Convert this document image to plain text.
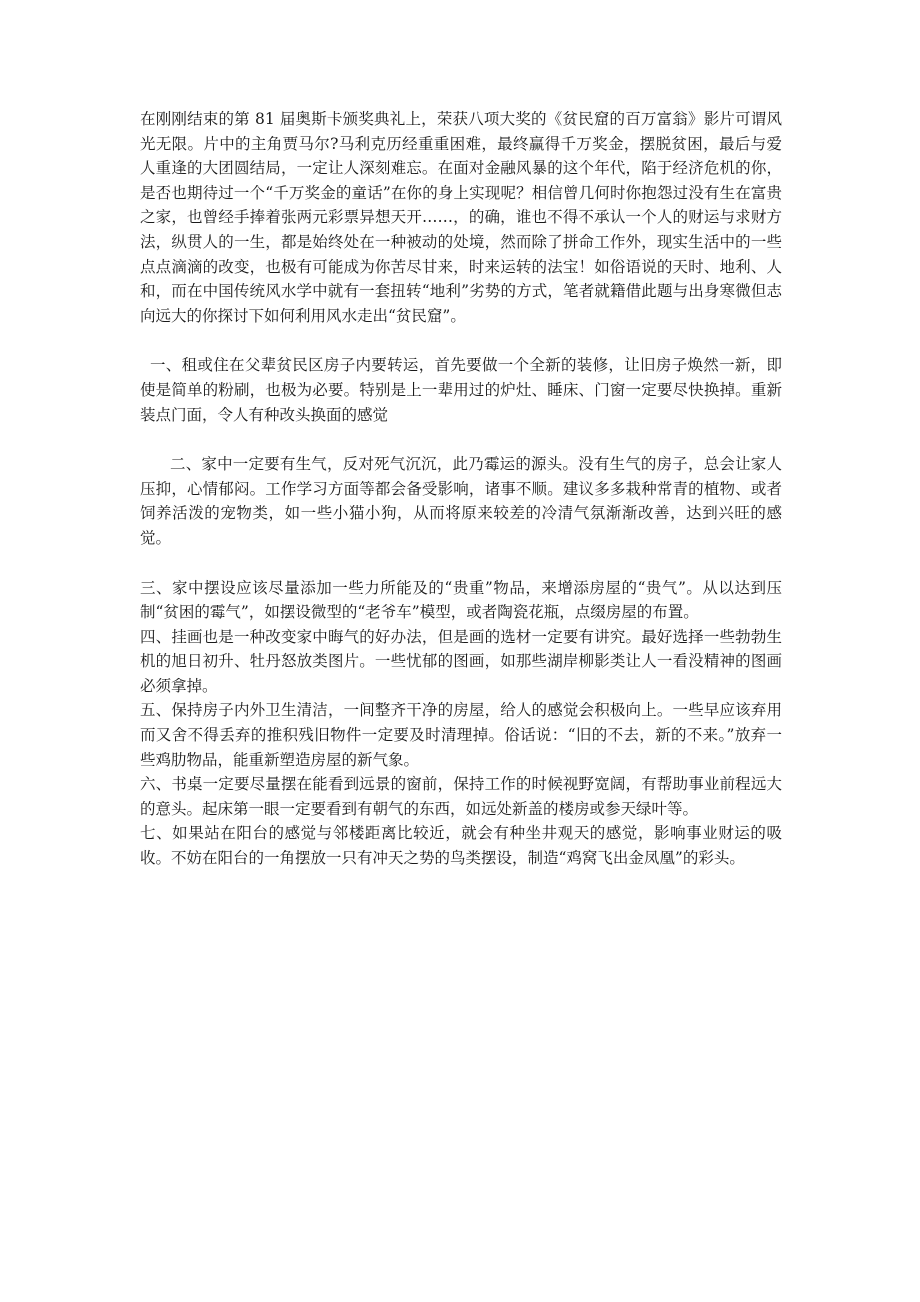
在刚刚结束的第 81 届奥斯卡颁奖典礼上，荣获八项大奖的《贫民窟的百万富翁》影片可谓风光无限。片中的主角贾马尔?马利克历经重重困难，最终赢得千万奖金，摆脱贫困，最后与爱人重逢的大团圆结局，一定让人深刻难忘。在面对金融风暴的这个年代，陷于经济危机的你，是否也期待过一个“千万奖金的童话”在你的身上实现呢？相信曾几何时你抱怨过没有生在富贵之家，也曾经手捧着张两元彩票异想天开……，的确，谁也不得不承认一个人的财运与求财方法，纵贯人的一生，都是始终处在一种被动的处境，然而除了拼命工作外，现实生活中的一些点点滴滴的改变，也极有可能成为你苦尽甘来，时来运转的法宝！如俗语说的天时、地利、人和，而在中国传统风水学中就有一套扭转“地利”劣势的方式，笔者就籍借此题与出身寒微但志向远大的你探讨下如何利用风水走出“贫民窟”。

一、租或住在父辈贫民区房子内要转运，首先要做一个全新的装修，让旧房子焕然一新，即使是简单的粉刷，也极为必要。特别是上一辈用过的炉灶、睡床、门窗一定要尽快换掉。重新装点门面，令人有种改头换面的感觉

二、家中一定要有生气，反对死气沉沉，此乃霉运的源头。没有生气的房子，总会让家人压抑，心情郁闷。工作学习方面等都会备受影响，诸事不顺。建议多多栽种常青的植物、或者饲养活泼的宠物类，如一些小猫小狗，从而将原来较差的冷清气氛渐渐改善，达到兴旺的感觉。

三、家中摆设应该尽量添加一些力所能及的“贵重”物品，来增添房屋的“贵气”。从以达到压制“贫困的霉气”，如摆设微型的“老爷车”模型，或者陶瓷花瓶，点缀房屋的布置。

四、挂画也是一种改变家中晦气的好办法，但是画的选材一定要有讲究。最好选择一些勃勃生机的旭日初升、牡丹怒放类图片。一些忧郁的图画，如那些湖岸柳影类让人一看没精神的图画必须拿掉。

五、保持房子内外卫生清洁，一间整齐干净的房屋，给人的感觉会积极向上。一些早应该弃用而又舍不得丢弃的推积残旧物件一定要及时清理掉。俗话说：“旧的不去，新的不来。”放弃一些鸡肋物品，能重新塑造房屋的新气象。

六、书桌一定要尽量摆在能看到远景的窗前，保持工作的时候视野宽阔，有帮助事业前程远大的意头。起床第一眼一定要看到有朝气的东西，如远处新盖的楼房或参天绿叶等。

七、如果站在阳台的感觉与邻楼距离比较近，就会有种坐井观天的感觉，影响事业财运的吸收。不妨在阳台的一角摆放一只有冲天之势的鸟类摆设，制造“鸡窝飞出金凤凰”的彩头。
